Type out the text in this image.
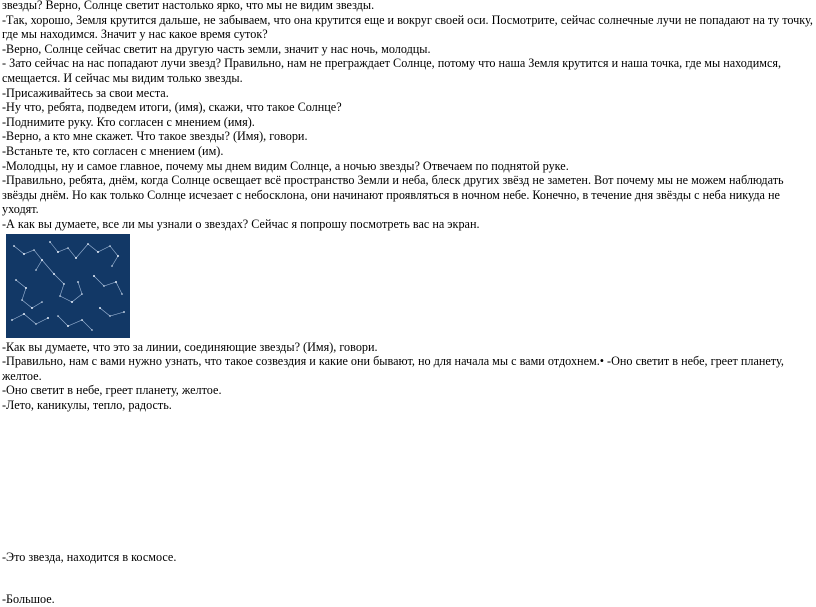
звезды? Верно, Солнце светит настолько ярко, что мы не видим звезды.

-Так, хорошо, Земля крутится дальше, не забываем, что она крутится еще и вокруг своей оси. Посмотрите, сейчас солнечные лучи не попадают на ту точку, где мы находимся. Значит у нас какое время суток?

-Верно, Солнце сейчас светит на другую часть земли, значит у нас ночь, молодцы.

- Зато сейчас на нас попадают лучи звезд? Правильно, нам не преграждает Солнце, потому что наша Земля крутится и наша точка, где мы находимся, смещается. И сейчас мы видим только звезды.

-Присаживайтесь за свои места.

-Ну что, ребята, подведем итоги, (имя), скажи, что такое Солнце?

-Поднимите руку. Кто согласен с мнением (имя).

-Верно, а кто мне скажет. Что такое звезды? (Имя), говори.

-Встаньте те, кто согласен с мнением (им).

-Молодцы, ну и самое главное, почему мы днем видим Солнце, а ночью звезды? Отвечаем по поднятой руке.

-Правильно, ребята, днём, когда Солнце освещает всё пространство Земли и неба, блеск других звёзд не заметен. Вот почему мы не можем наблюдать звёзды днём. Но как только Солнце исчезает с небосклона, они начинают проявляться в ночном небе. Конечно, в течение дня звёзды с неба никуда не уходят.

-А как вы думаете, все ли мы узнали о звездах? Сейчас я попрошу посмотреть вас на экран.

-Как вы думаете, что это за линии, соединяющие звезды? (Имя), говори.

-Правильно, нам с вами нужно узнать, что такое созвездия и какие они бывают, но для начала мы с вами отдохнем.• -Оно светит в небе, греет планету, желтое.

-Оно светит в небе, греет планету, желтое.

-Лето, каникулы, тепло, радость.

-Это звезда, находится в космосе.

-Большое.
